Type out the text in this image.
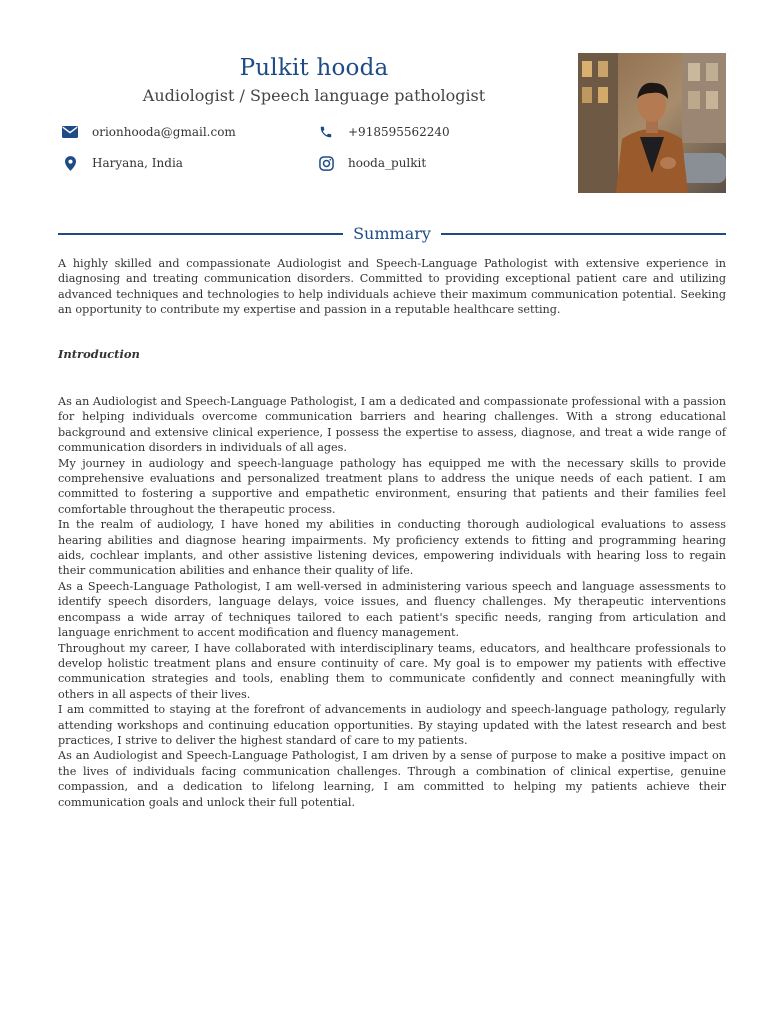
Pulkit hooda
Audiologist / Speech language pathologist
orionhooda@gmail.com	+918595562240
Haryana, India	hooda_pulkit
Summary

A highly skilled and compassionate Audiologist and Speech-Language Pathologist with extensive experience in diagnosing and treating communication disorders. Committed to providing exceptional patient care and utilizing advanced techniques and technologies to help individuals achieve their maximum communication potential. Seeking an opportunity to contribute my expertise and passion in a reputable healthcare setting.

Introduction

As an Audiologist and Speech-Language Pathologist, I am a dedicated and compassionate professional with a passion for helping individuals overcome communication barriers and hearing challenges. With a strong educational background and extensive clinical experience, I possess the expertise to assess, diagnose, and treat a wide range of communication disorders in individuals of all ages.

My journey in audiology and speech-language pathology has equipped me with the necessary skills to provide comprehensive evaluations and personalized treatment plans to address the unique needs of each patient. I am committed to fostering a supportive and empathetic environment, ensuring that patients and their families feel comfortable throughout the therapeutic process.

In the realm of audiology, I have honed my abilities in conducting thorough audiological evaluations to assess hearing abilities and diagnose hearing impairments. My proficiency extends to fitting and programming hearing aids, cochlear implants, and other assistive listening devices, empowering individuals with hearing loss to regain their communication abilities and enhance their quality of life.

As a Speech-Language Pathologist, I am well-versed in administering various speech and language assessments to identify speech disorders, language delays, voice issues, and fluency challenges. My therapeutic interventions encompass a wide array of techniques tailored to each patient's specific needs, ranging from articulation and language enrichment to accent modification and fluency management.

Throughout my career, I have collaborated with interdisciplinary teams, educators, and healthcare professionals to develop holistic treatment plans and ensure continuity of care. My goal is to empower my patients with effective communication strategies and tools, enabling them to communicate confidently and connect meaningfully with others in all aspects of their lives.

I am committed to staying at the forefront of advancements in audiology and speech-language pathology, regularly attending workshops and continuing education opportunities. By staying updated with the latest research and best practices, I strive to deliver the highest standard of care to my patients.

As an Audiologist and Speech-Language Pathologist, I am driven by a sense of purpose to make a positive impact on the lives of individuals facing communication challenges. Through a combination of clinical expertise, genuine compassion, and a dedication to lifelong learning, I am committed to helping my patients achieve their communication goals and unlock their full potential.
